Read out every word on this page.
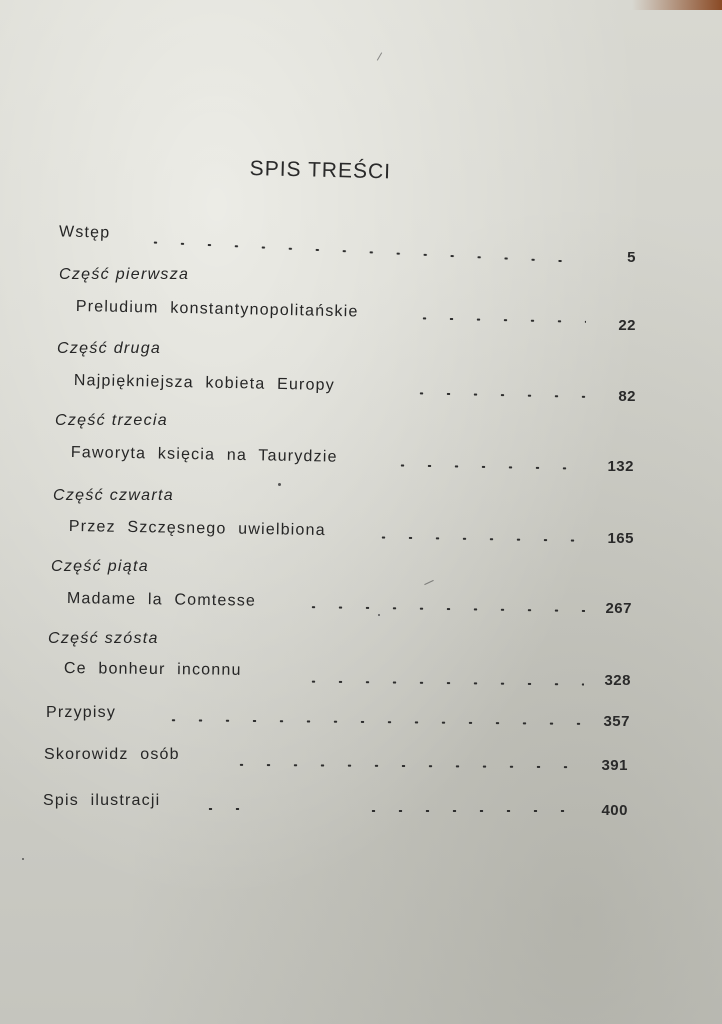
SPIS TREŚCI
Wstęp
5
Część pierwsza
Preludium konstantynopolitańskie
22
Część druga
Najpiękniejsza kobieta Europy
82
Część trzecia
Faworyta księcia na Taurydzie
132
Część czwarta
Przez Szczęsnego uwielbiona	165
Część piąta
Madame la Comtesse	267
Część szósta
Ce bonheur inconnu
328
Przypisy
357
Skorowidz osób
391
Spis ilustracji
400
